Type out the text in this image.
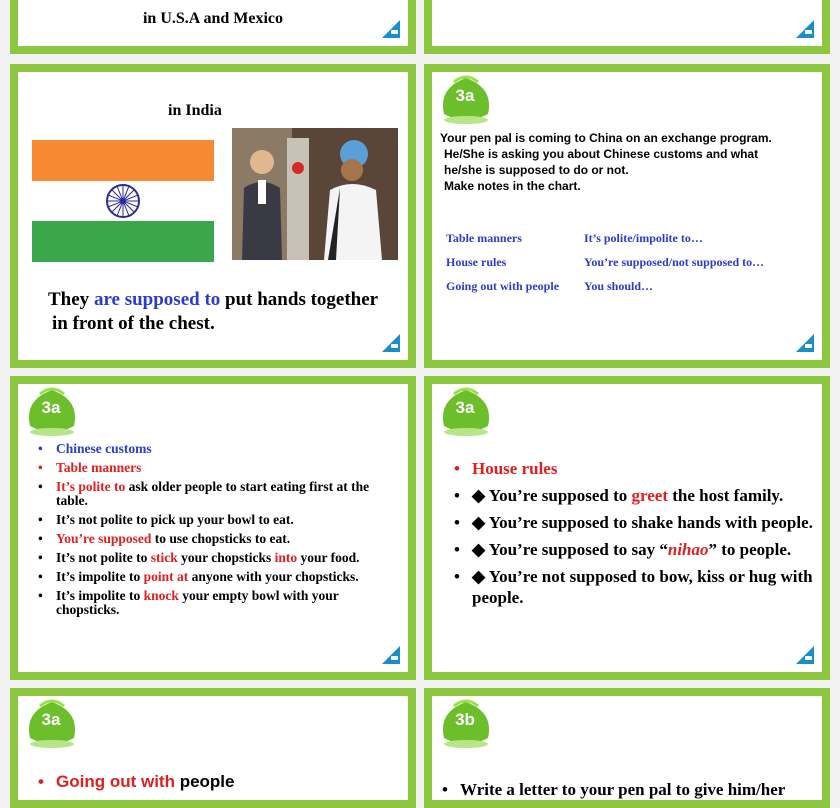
in U.S.A and Mexico
in India
They are supposed to put hands together
in front of the chest.
3a
Your pen pal is coming to China on an exchange program.
He/She is asking you about Chinese customs and what
he/she is supposed to do or not.
Make notes in the chart.
Table manners	It’s polite/impolite to…
House rules	You’re supposed/not supposed to…
Going out with people	You should…
3a
• Chinese customs
• Table manners
• It’s polite to ask older people to start eating first at the table.
• It’s not polite to pick up your bowl to eat.
• You’re supposed to use chopsticks to eat.
• It’s not polite to stick your chopsticks into your food.
• It’s impolite to point at anyone with your chopsticks.
• It’s impolite to knock your empty bowl with your chopsticks.
3a
• House rules
• ◆ You’re supposed to greet the host family.
• ◆ You’re supposed to shake hands with people.
• ◆ You’re supposed to say “nihao” to people.
• ◆ You’re not supposed to bow, kiss or hug with people.
3a
• Going out with people
3b
• Write a letter to your pen pal to give him/her
